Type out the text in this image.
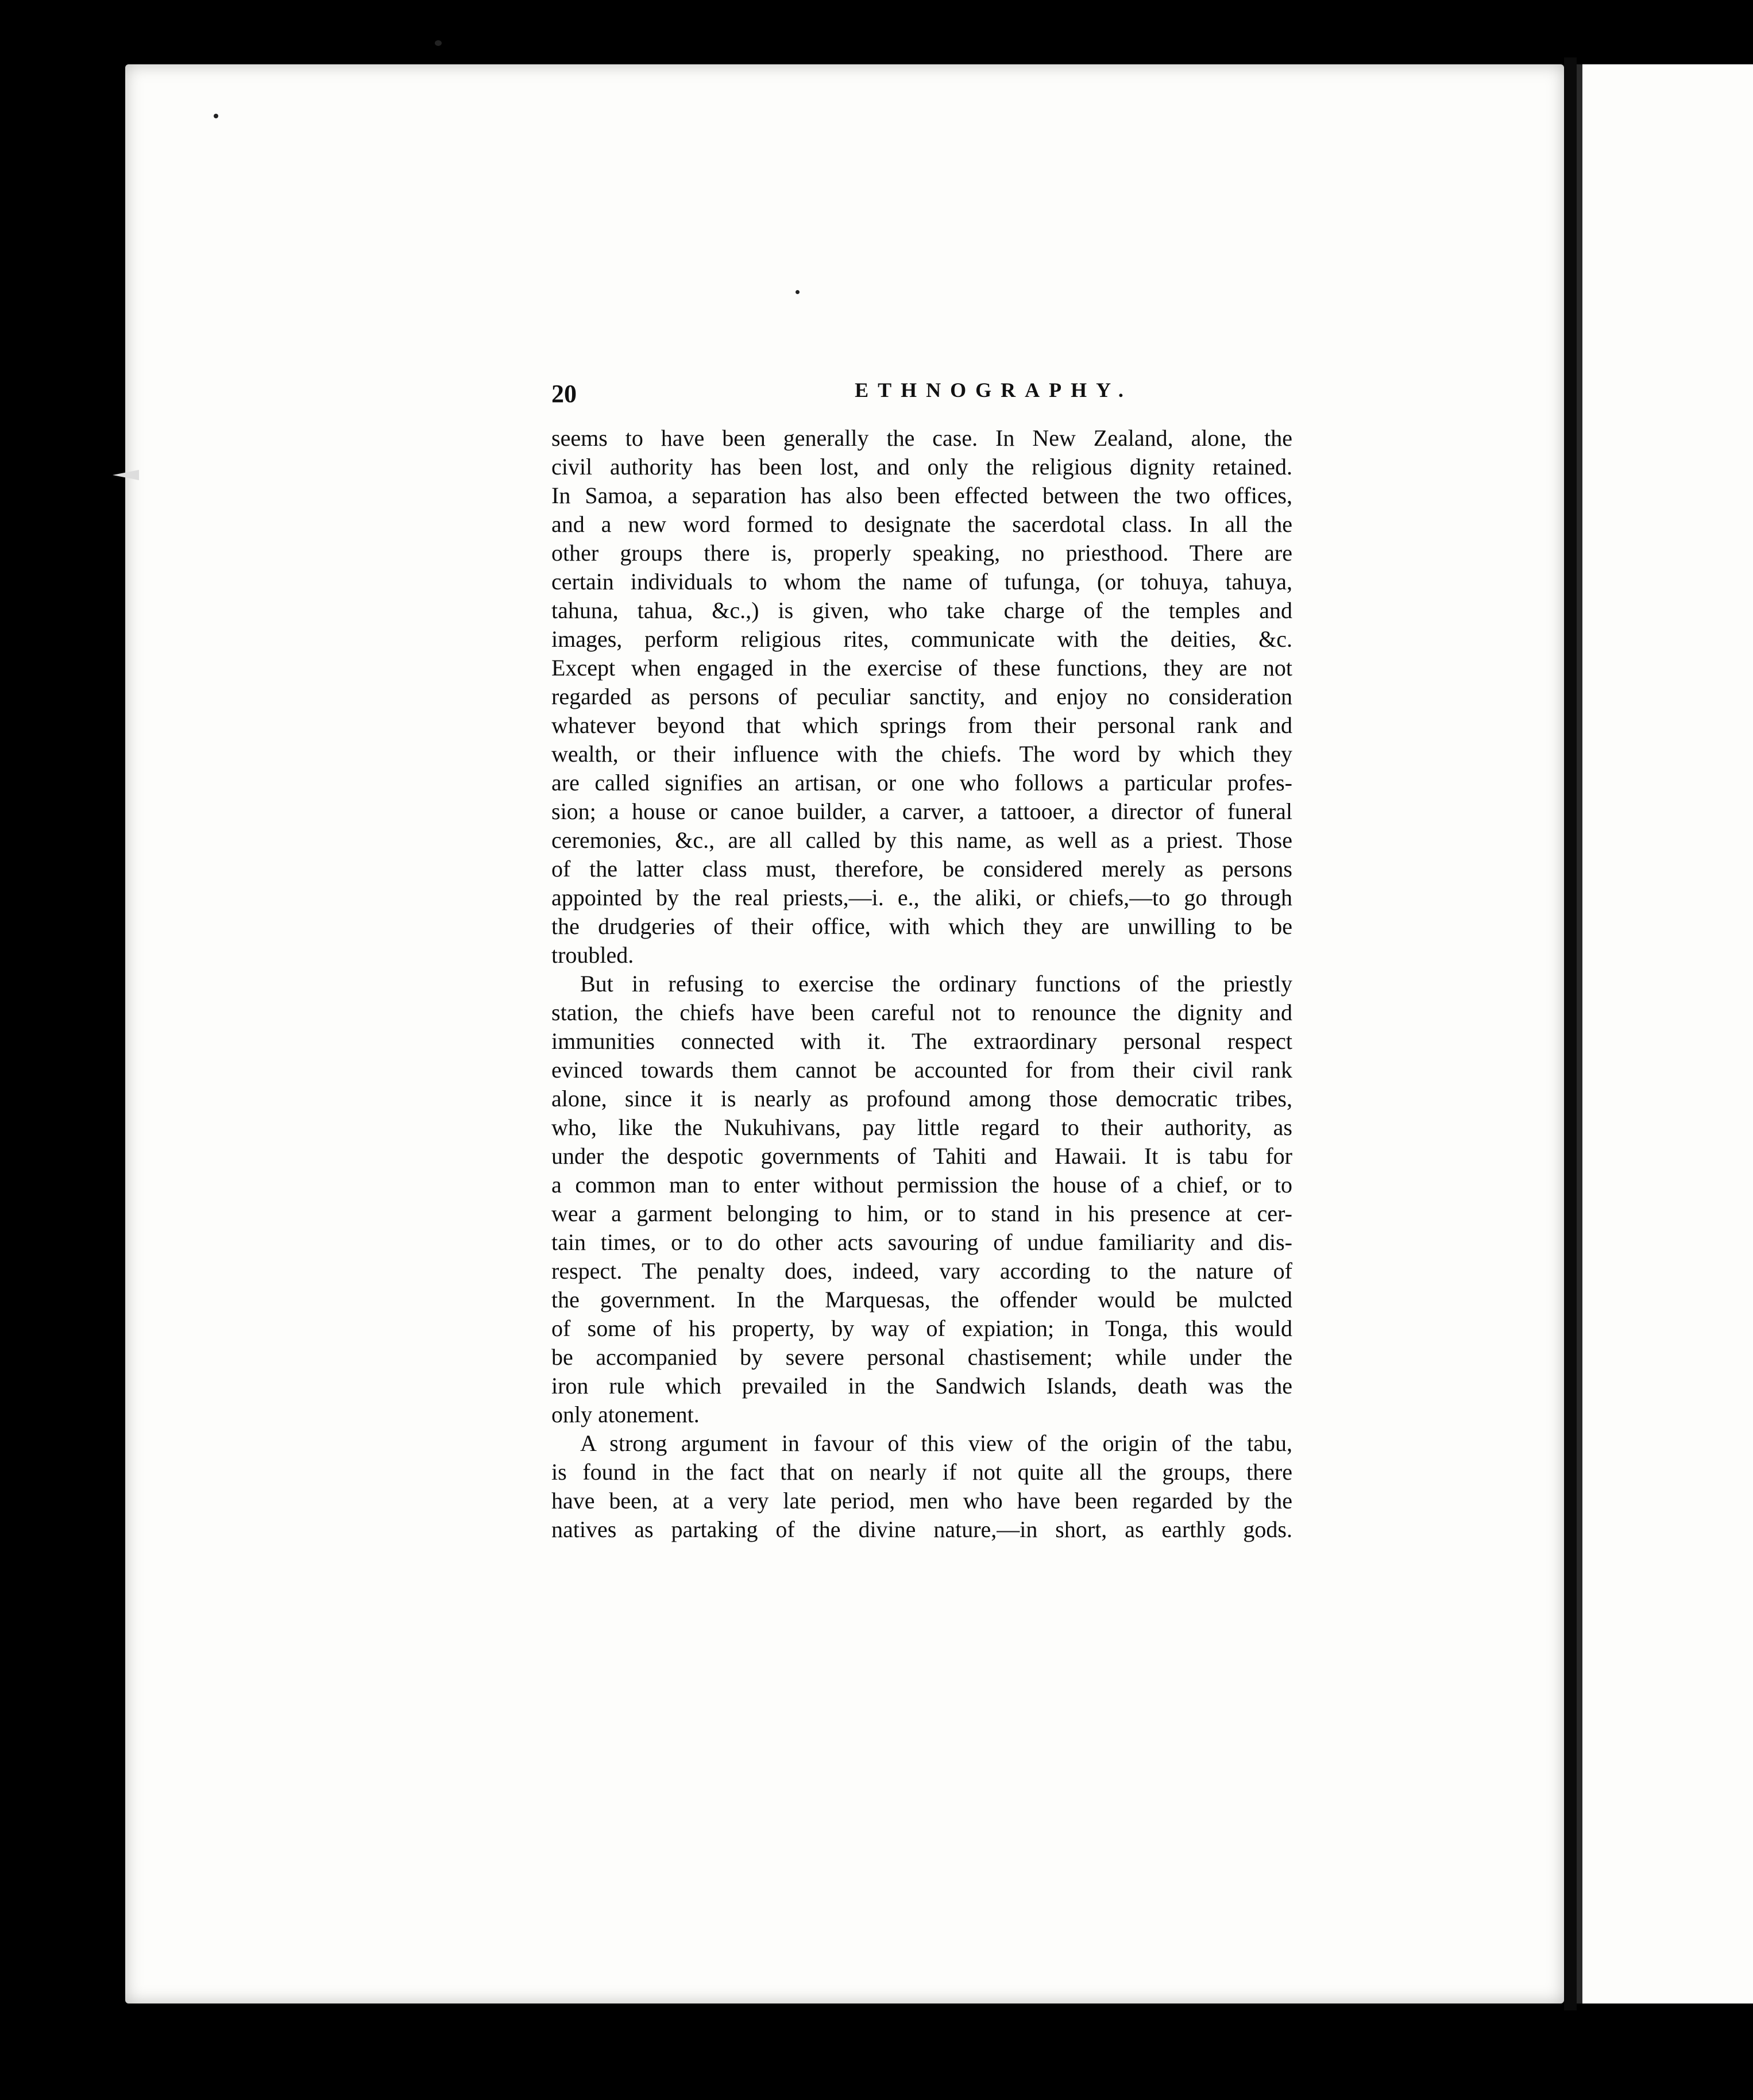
20	ETHNOGRAPHY.
seems to have been generally the case. In New Zealand, alone, the
civil authority has been lost, and only the religious dignity retained.
In Samoa, a separation has also been effected between the two offices,
and a new word formed to designate the sacerdotal class. In all the
other groups there is, properly speaking, no priesthood. There are
certain individuals to whom the name of tufunga, (or tohuya, tahuya,
tahuna, tahua, &c.,) is given, who take charge of the temples and
images, perform religious rites, communicate with the deities, &c.
Except when engaged in the exercise of these functions, they are not
regarded as persons of peculiar sanctity, and enjoy no consideration
whatever beyond that which springs from their personal rank and
wealth, or their influence with the chiefs. The word by which they
are called signifies an artisan, or one who follows a particular profes-
sion; a house or canoe builder, a carver, a tattooer, a director of funeral
ceremonies, &c., are all called by this name, as well as a priest. Those
of the latter class must, therefore, be considered merely as persons
appointed by the real priests,—i. e., the aliki, or chiefs,—to go through
the drudgeries of their office, with which they are unwilling to be
troubled.
But in refusing to exercise the ordinary functions of the priestly
station, the chiefs have been careful not to renounce the dignity and
immunities connected with it. The extraordinary personal respect
evinced towards them cannot be accounted for from their civil rank
alone, since it is nearly as profound among those democratic tribes,
who, like the Nukuhivans, pay little regard to their authority, as
under the despotic governments of Tahiti and Hawaii. It is tabu for
a common man to enter without permission the house of a chief, or to
wear a garment belonging to him, or to stand in his presence at cer-
tain times, or to do other acts savouring of undue familiarity and dis-
respect. The penalty does, indeed, vary according to the nature of
the government. In the Marquesas, the offender would be mulcted
of some of his property, by way of expiation; in Tonga, this would
be accompanied by severe personal chastisement; while under the
iron rule which prevailed in the Sandwich Islands, death was the
only atonement.
A strong argument in favour of this view of the origin of the tabu,
is found in the fact that on nearly if not quite all the groups, there
have been, at a very late period, men who have been regarded by the
natives as partaking of the divine nature,—in short, as earthly gods.
